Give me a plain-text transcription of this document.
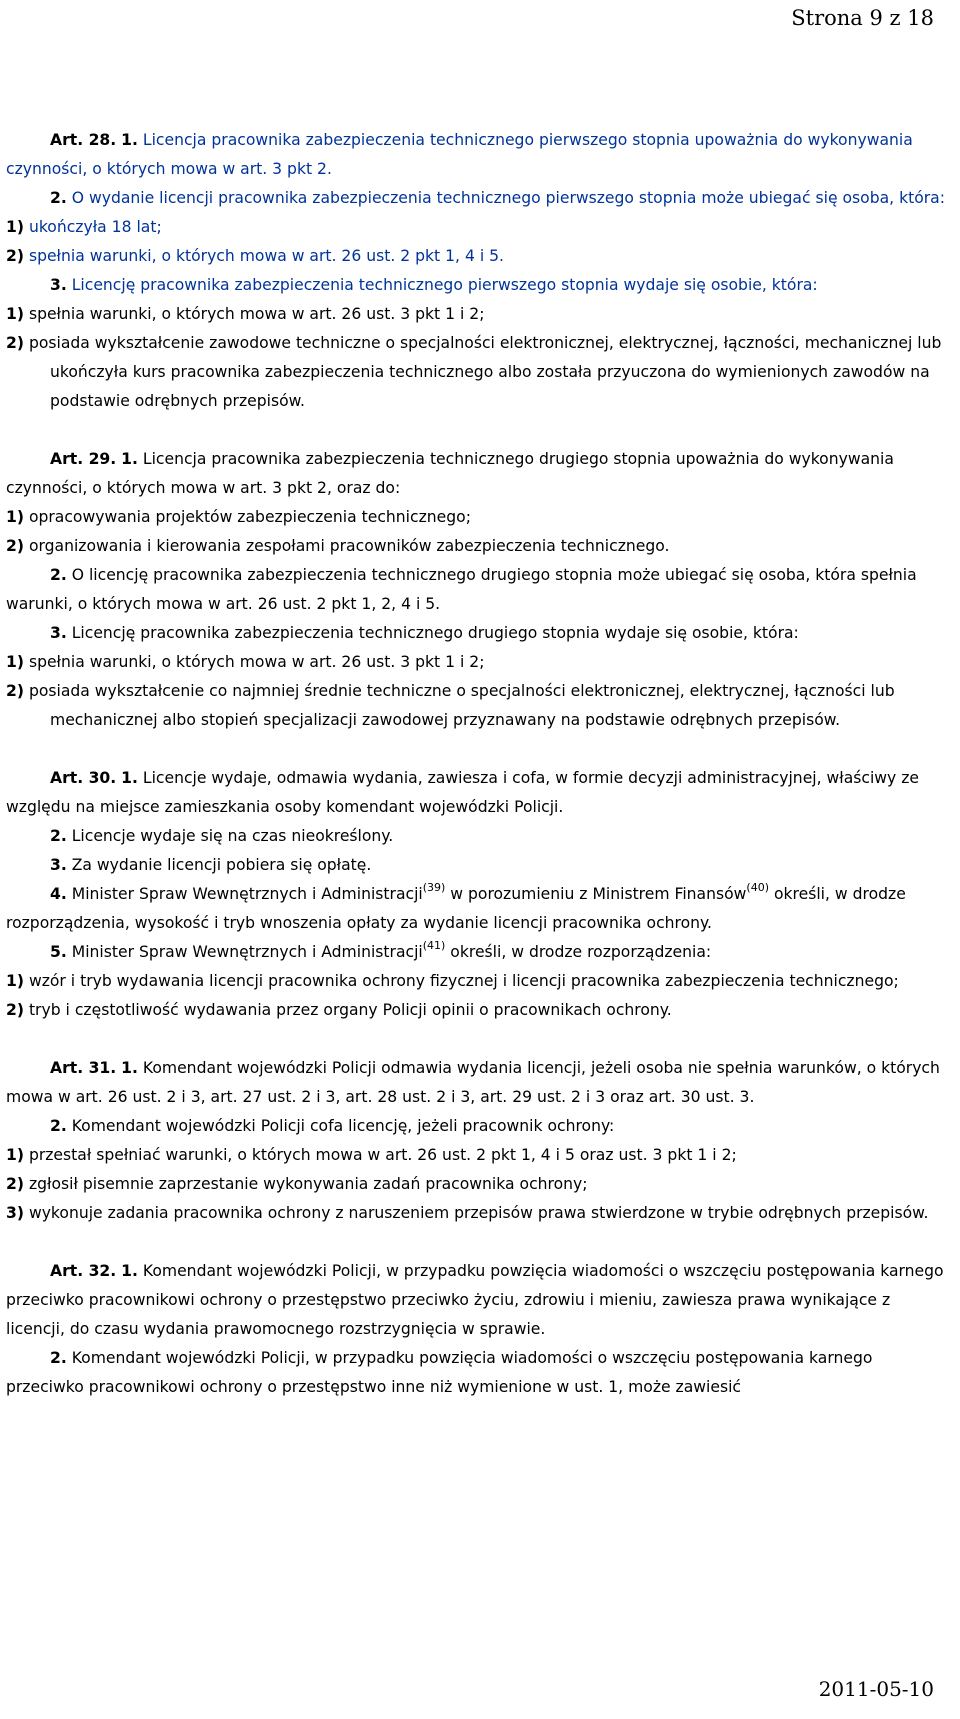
Strona 9 z 18

Art. 28. 1. Licencja pracownika zabezpieczenia technicznego pierwszego stopnia upoważnia do wykonywania czynności, o których mowa w art. 3 pkt 2.

2. O wydanie licencji pracownika zabezpieczenia technicznego pierwszego stopnia może ubiegać się osoba, która:

1) ukończyła 18 lat;

2) spełnia warunki, o których mowa w art. 26 ust. 2 pkt 1, 4 i 5.

3. Licencję pracownika zabezpieczenia technicznego pierwszego stopnia wydaje się osobie, która:

1) spełnia warunki, o których mowa w art. 26 ust. 3 pkt 1 i 2;

2) posiada wykształcenie zawodowe techniczne o specjalności elektronicznej, elektrycznej, łączności, mechanicznej lub ukończyła kurs pracownika zabezpieczenia technicznego albo została przyuczona do wymienionych zawodów na podstawie odrębnych przepisów.

Art. 29. 1. Licencja pracownika zabezpieczenia technicznego drugiego stopnia upoważnia do wykonywania czynności, o których mowa w art. 3 pkt 2, oraz do:

1) opracowywania projektów zabezpieczenia technicznego;

2) organizowania i kierowania zespołami pracowników zabezpieczenia technicznego.

2. O licencję pracownika zabezpieczenia technicznego drugiego stopnia może ubiegać się osoba, która spełnia warunki, o których mowa w art. 26 ust. 2 pkt 1, 2, 4 i 5.

3. Licencję pracownika zabezpieczenia technicznego drugiego stopnia wydaje się osobie, która:

1) spełnia warunki, o których mowa w art. 26 ust. 3 pkt 1 i 2;

2) posiada wykształcenie co najmniej średnie techniczne o specjalności elektronicznej, elektrycznej, łączności lub mechanicznej albo stopień specjalizacji zawodowej przyznawany na podstawie odrębnych przepisów.

Art. 30. 1. Licencje wydaje, odmawia wydania, zawiesza i cofa, w formie decyzji administracyjnej, właściwy ze względu na miejsce zamieszkania osoby komendant wojewódzki Policji.

2. Licencje wydaje się na czas nieokreślony.

3. Za wydanie licencji pobiera się opłatę.

4. Minister Spraw Wewnętrznych i Administracji$^{(39)}$ w porozumieniu z Ministrem Finansów$^{(40)}$ określi, w drodze rozporządzenia, wysokość i tryb wnoszenia opłaty za wydanie licencji pracownika ochrony.

5. Minister Spraw Wewnętrznych i Administracji$^{(41)}$ określi, w drodze rozporządzenia:

1) wzór i tryb wydawania licencji pracownika ochrony fizycznej i licencji pracownika zabezpieczenia technicznego;

2) tryb i częstotliwość wydawania przez organy Policji opinii o pracownikach ochrony.

Art. 31. 1. Komendant wojewódzki Policji odmawia wydania licencji, jeżeli osoba nie spełnia warunków, o których mowa w art. 26 ust. 2 i 3, art. 27 ust. 2 i 3, art. 28 ust. 2 i 3, art. 29 ust. 2 i 3 oraz art. 30 ust. 3.

2. Komendant wojewódzki Policji cofa licencję, jeżeli pracownik ochrony:

1) przestał spełniać warunki, o których mowa w art. 26 ust. 2 pkt 1, 4 i 5 oraz ust. 3 pkt 1 i 2;

2) zgłosił pisemnie zaprzestanie wykonywania zadań pracownika ochrony;

3) wykonuje zadania pracownika ochrony z naruszeniem przepisów prawa stwierdzone w trybie odrębnych przepisów.

Art. 32. 1. Komendant wojewódzki Policji, w przypadku powzięcia wiadomości o wszczęciu postępowania karnego przeciwko pracownikowi ochrony o przestępstwo przeciwko życiu, zdrowiu i mieniu, zawiesza prawa wynikające z licencji, do czasu wydania prawomocnego rozstrzygnięcia w sprawie.

2. Komendant wojewódzki Policji, w przypadku powzięcia wiadomości o wszczęciu postępowania karnego przeciwko pracownikowi ochrony o przestępstwo inne niż wymienione w ust. 1, może zawiesić

2011-05-10
